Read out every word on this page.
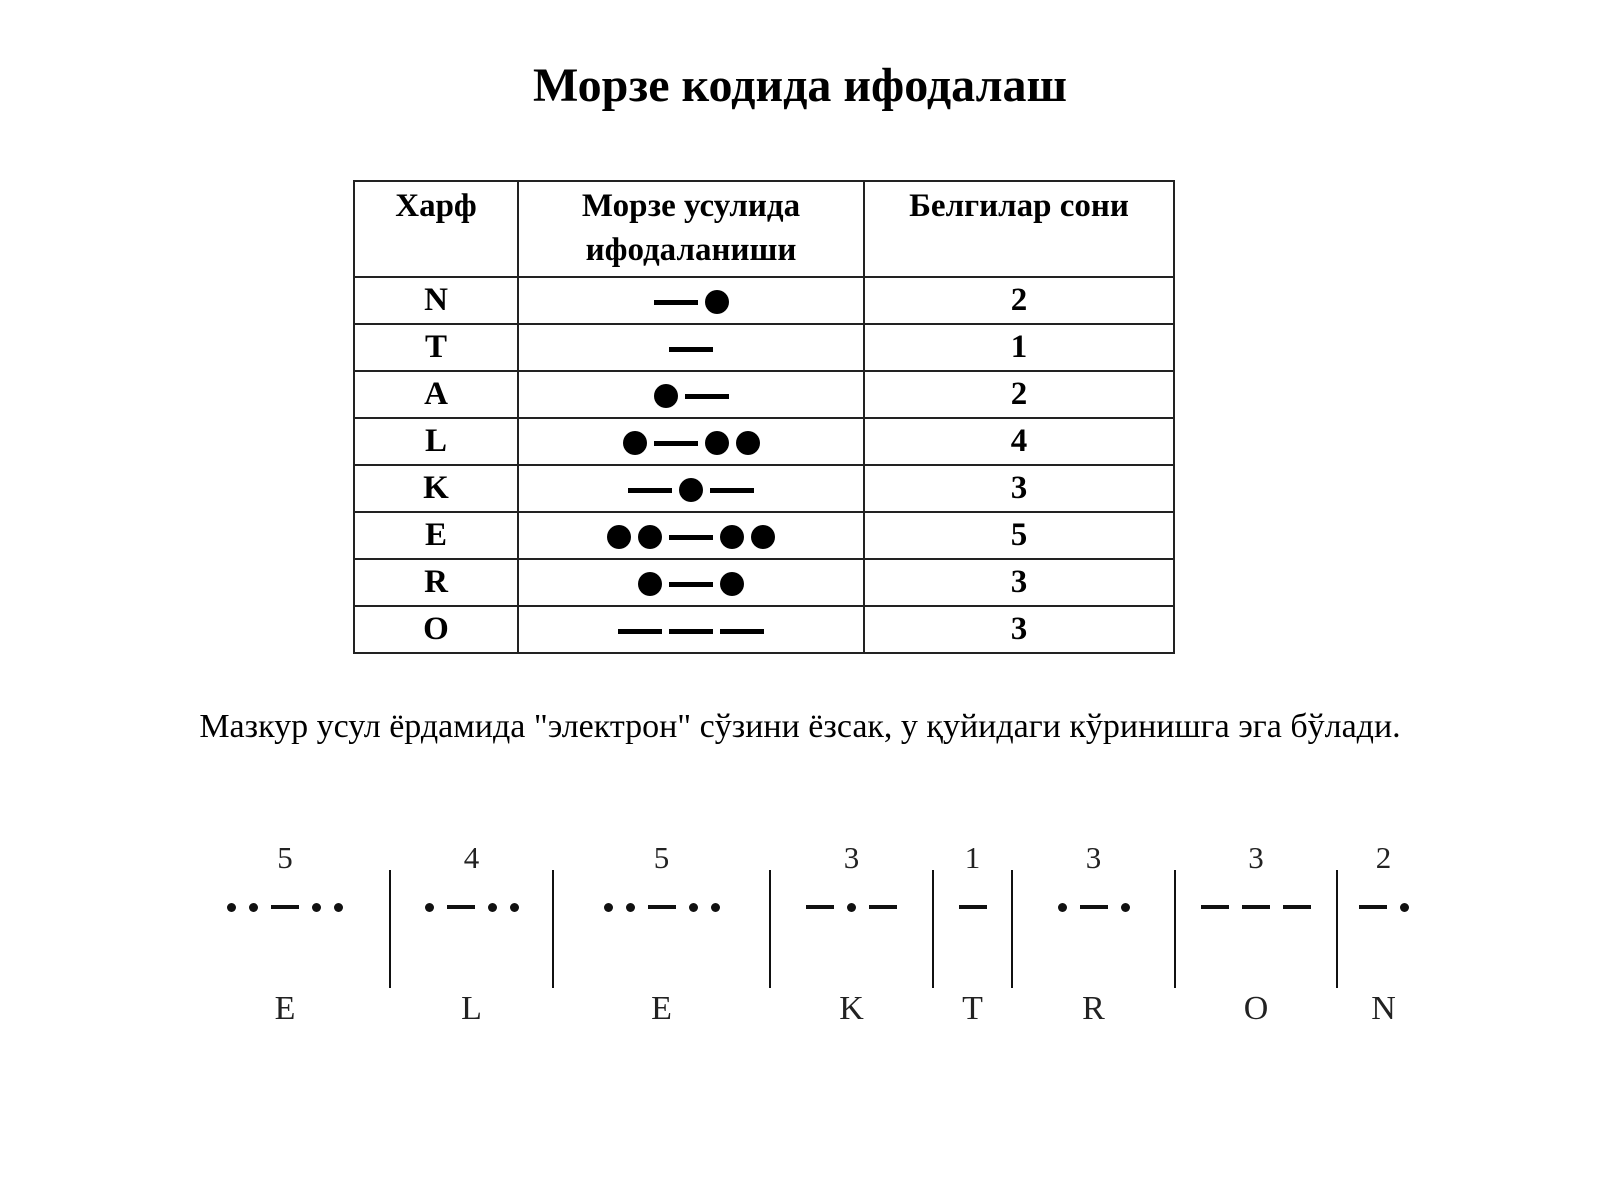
Морзе кодида ифодалаш
Харф	Морзе усулида ифодаланиши	Белгилар сони
N		2
T		1
A		2
L		4
K		3
E		5
R		3
O		3

Мазкур усул ёрдамида "электрон" сўзини ёзсак, у қуйидаги кўринишга эга бўлади.

5
E
4
L
5
E
3
K
1
T
3
R
3
O
2
N
